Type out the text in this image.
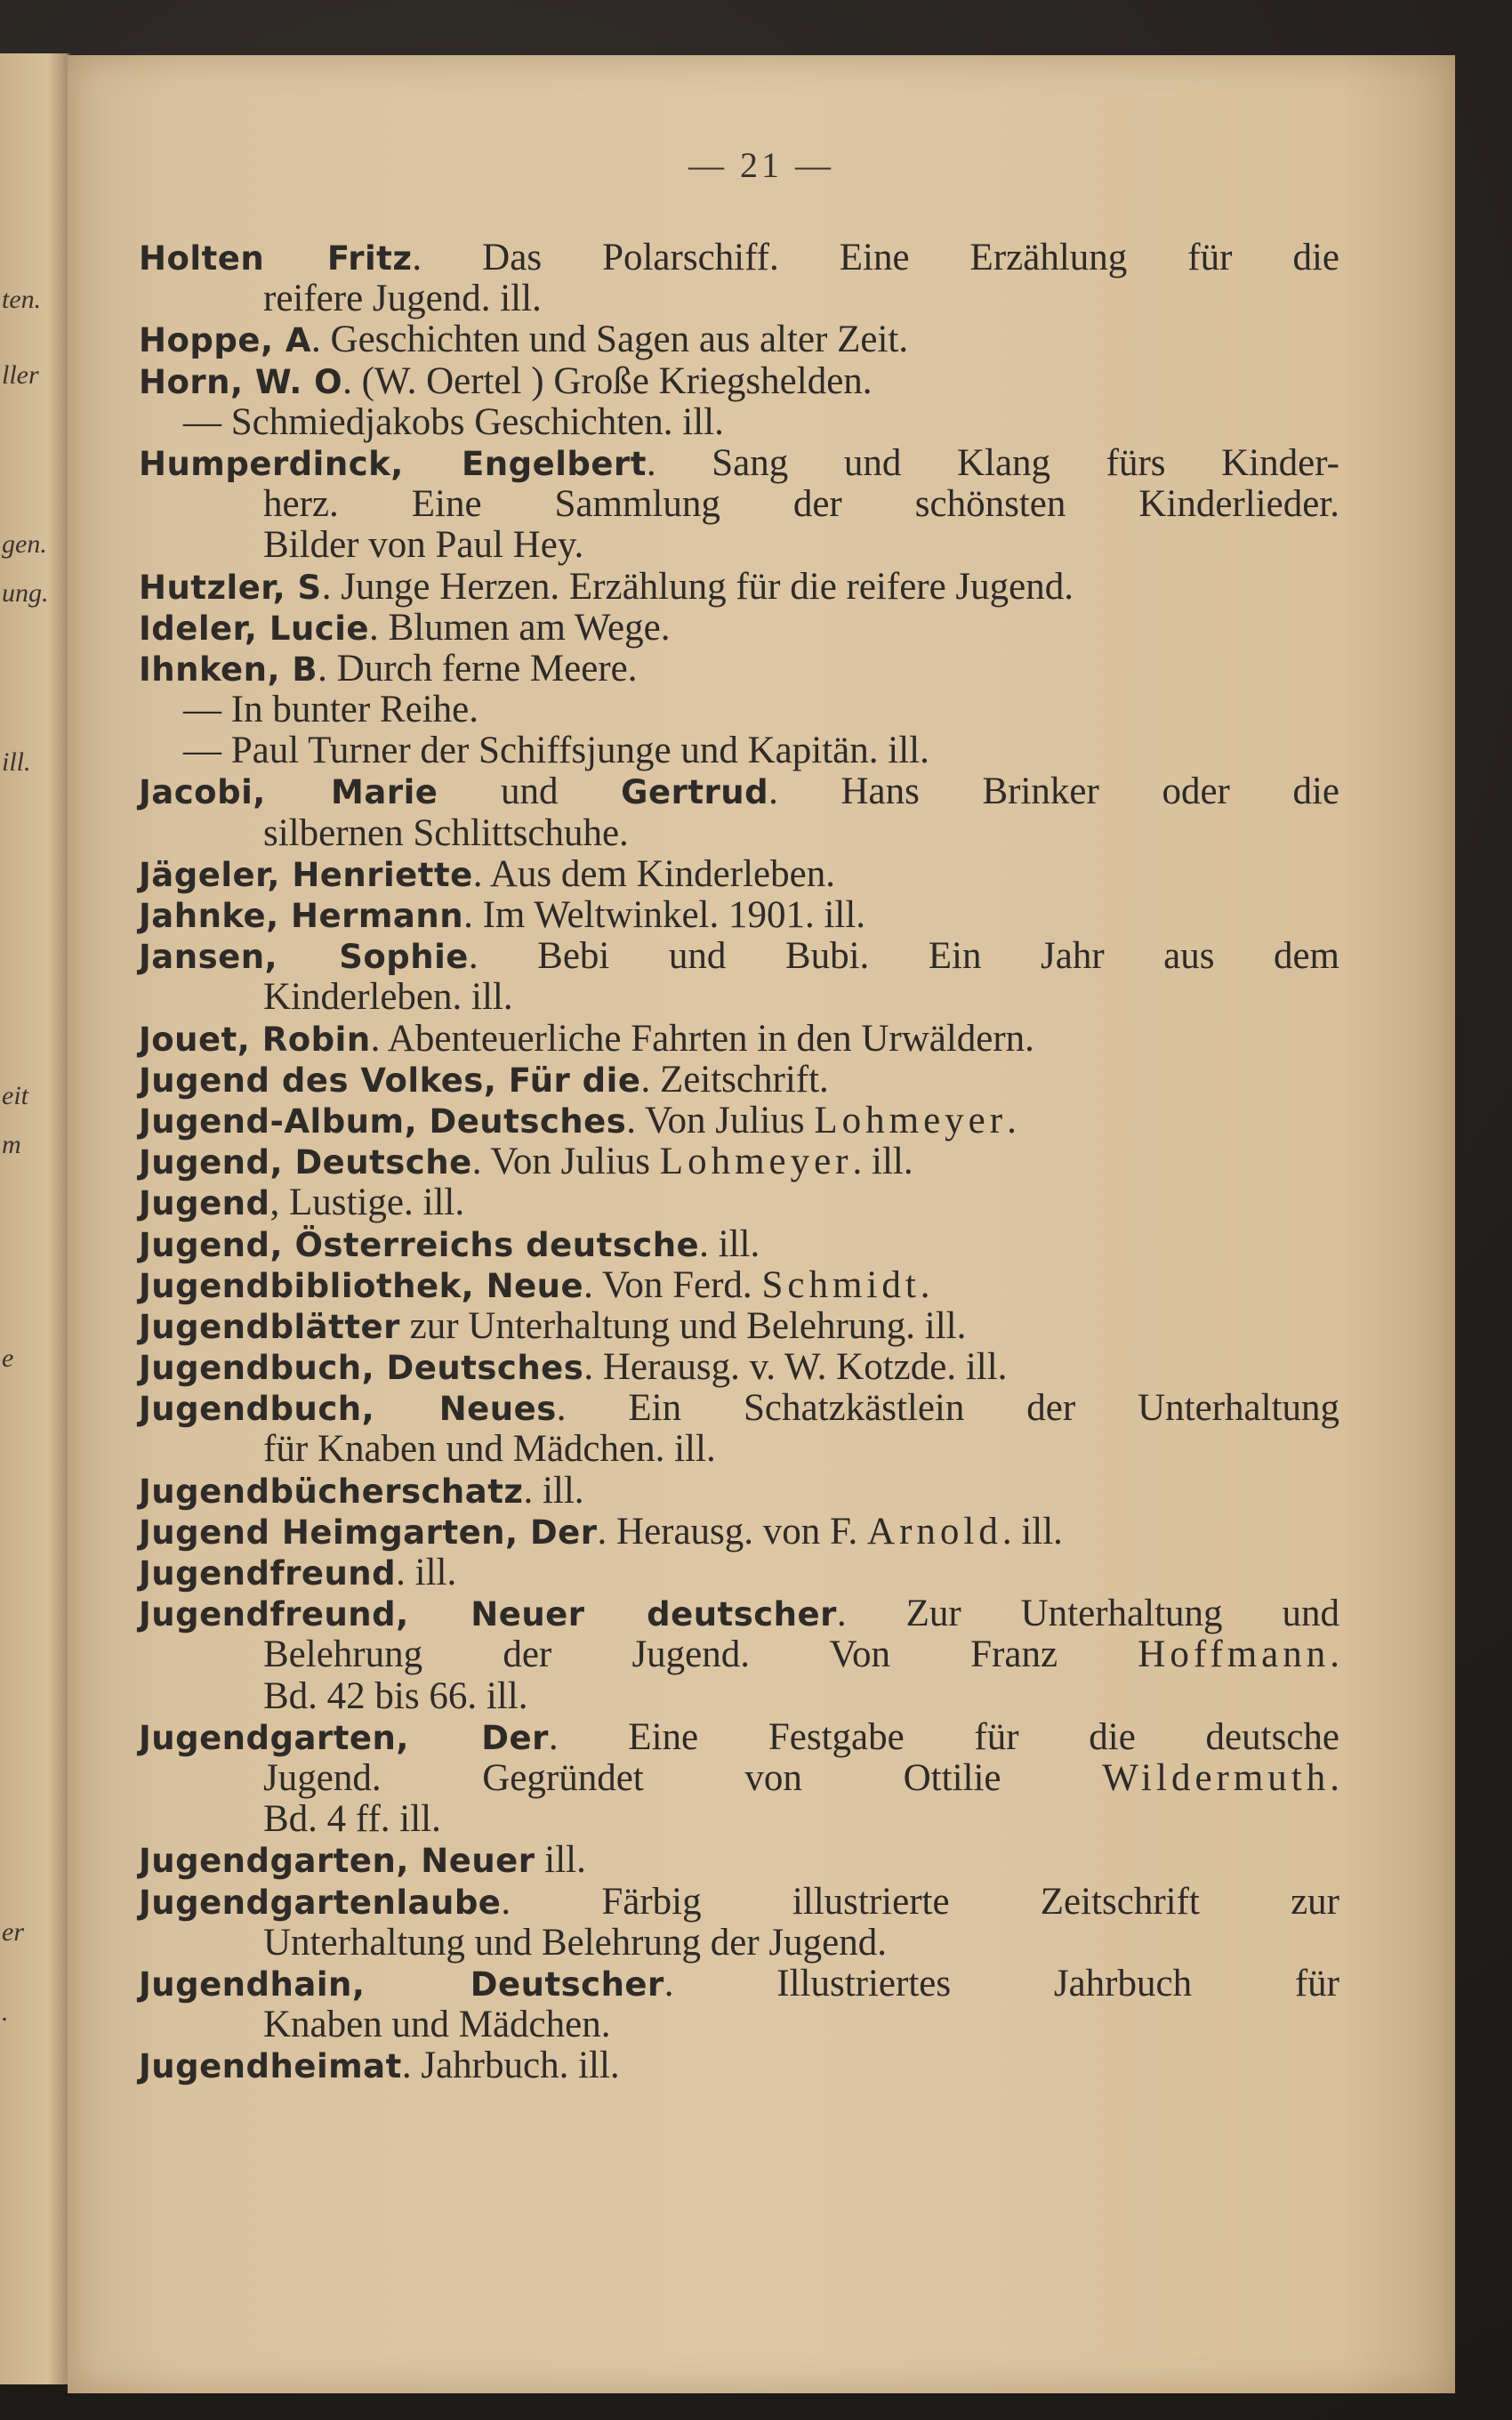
ten.
ller
gen.
ung.
ill.
eit
m
e
er
.
— 21 —
Holten Fritz. Das Polarschiff. Eine Erzählung für die
reifere Jugend. ill.
Hoppe, A. Geschichten und Sagen aus alter Zeit.
Horn, W. O. (W. Oertel ) Große Kriegshelden.
— Schmiedjakobs Geschichten. ill.
Humperdinck, Engelbert. Sang und Klang fürs Kinder-
herz. Eine Sammlung der schönsten Kinderlieder.
Bilder von Paul Hey.
Hutzler, S. Junge Herzen. Erzählung für die reifere Jugend.
Ideler, Lucie. Blumen am Wege.
Ihnken, B. Durch ferne Meere.
— In bunter Reihe.
— Paul Turner der Schiffsjunge und Kapitän. ill.
Jacobi, Marie und Gertrud. Hans Brinker oder die
silbernen Schlittschuhe.
Jägeler, Henriette. Aus dem Kinderleben.
Jahnke, Hermann. Im Weltwinkel. 1901. ill.
Jansen, Sophie. Bebi und Bubi. Ein Jahr aus dem
Kinderleben. ill.
Jouet, Robin. Abenteuerliche Fahrten in den Urwäldern.
Jugend des Volkes, Für die. Zeitschrift.
Jugend-Album, Deutsches. Von Julius Lohmeyer.
Jugend, Deutsche. Von Julius Lohmeyer. ill.
Jugend, Lustige. ill.
Jugend, Österreichs deutsche. ill.
Jugendbibliothek, Neue. Von Ferd. Schmidt.
Jugendblätter zur Unterhaltung und Belehrung. ill.
Jugendbuch, Deutsches. Herausg. v. W. Kotzde. ill.
Jugendbuch, Neues. Ein Schatzkästlein der Unterhaltung
für Knaben und Mädchen. ill.
Jugendbücherschatz. ill.
Jugend Heimgarten, Der. Herausg. von F. Arnold. ill.
Jugendfreund. ill.
Jugendfreund, Neuer deutscher. Zur Unterhaltung und
Belehrung der Jugend. Von Franz Hoffmann.
Bd. 42 bis 66. ill.
Jugendgarten, Der. Eine Festgabe für die deutsche
Jugend. Gegründet von Ottilie Wildermuth.
Bd. 4 ff. ill.
Jugendgarten, Neuer ill.
Jugendgartenlaube. Färbig illustrierte Zeitschrift zur
Unterhaltung und Belehrung der Jugend.
Jugendhain, Deutscher. Illustriertes Jahrbuch für
Knaben und Mädchen.
Jugendheimat. Jahrbuch. ill.
